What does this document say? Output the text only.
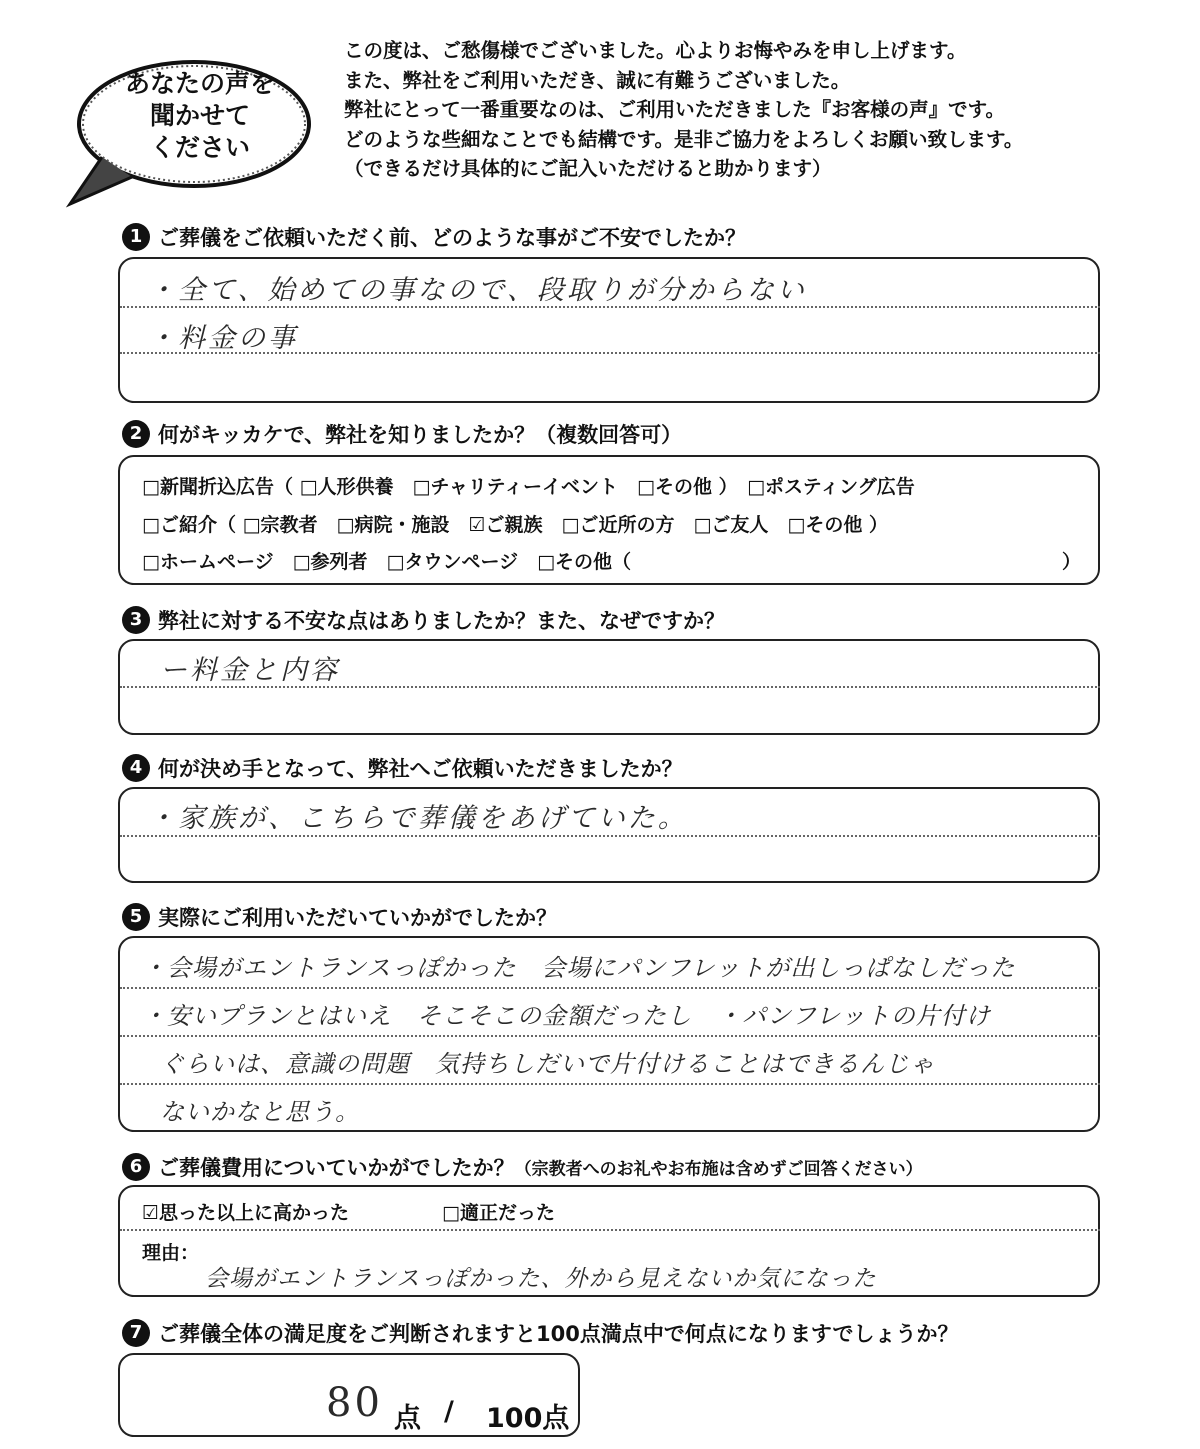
あなたの声を
聞かせて
ください
この度は、ご愁傷様でございました。心よりお悔やみを申し上げます。
また、弊社をご利用いただき、誠に有難うございました。
弊社にとって一番重要なのは、ご利用いただきました『お客様の声』です。
どのような些細なことでも結構です。是非ご協力をよろしくお願い致します。
（できるだけ具体的にご記入いただけると助かります）
1 ご葬儀をご依頼いただく前、どのような事がご不安でしたか？
・全て、始めての事なので、段取りが分からない
・料金の事
2 何がキッカケで、弊社を知りましたか？（複数回答可）
□新聞折込広告（ □人形供養　□チャリティーイベント　□その他 ）　□ポスティング広告
□ご紹介（ □宗教者　□病院・施設　☑ご親族　□ご近所の方　□ご友人　□その他 ）
□ホームページ　□参列者　□タウンページ　□その他（	）
3 弊社に対する不安な点はありましたか？また、なぜですか？
ー料金と内容
4 何が決め手となって、弊社へご依頼いただきましたか？
・家族が、こちらで葬儀をあげていた。
5 実際にご利用いただいていかがでしたか？
・会場がエントランスっぽかった　会場にパンフレットが出しっぱなしだった
・安いプランとはいえ　そこそこの金額だったし　・パンフレットの片付け
ぐらいは、意識の問題　気持ちしだいで片付けることはできるんじゃ
ないかなと思う。
6 ご葬儀費用についていかがでしたか？（宗教者へのお礼やお布施は含めずご回答ください）
☑思った以上に高かった	□適正だった
理由：
会場がエントランスっぽかった、外から見えないか気になった
7 ご葬儀全体の満足度をご判断されますと100点満点中で何点になりますでしょうか？
80 点 / 100点
